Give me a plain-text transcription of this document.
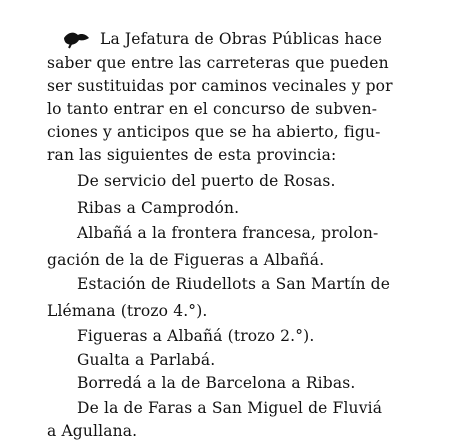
La Jefatura de Obras Públicas hace
saber que entre las carreteras que pueden
ser sustituidas por caminos vecinales y por
lo tanto entrar en el concurso de subven-
ciones y anticipos que se ha abierto, figu-
ran las siguientes de esta provincia:
De servicio del puerto de Rosas.
Ribas a Camprodón.
Albañá a la frontera francesa, prolon-
gación de la de Figueras a Albañá.
Estación de Riudellots a San Martín de
Llémana (trozo 4.°).
Figueras a Albañá (trozo 2.°).
Gualta a Parlabá.
Borredá a la de Barcelona a Ribas.
De la de Faras a San Miguel de Fluviá
a Agullana.
